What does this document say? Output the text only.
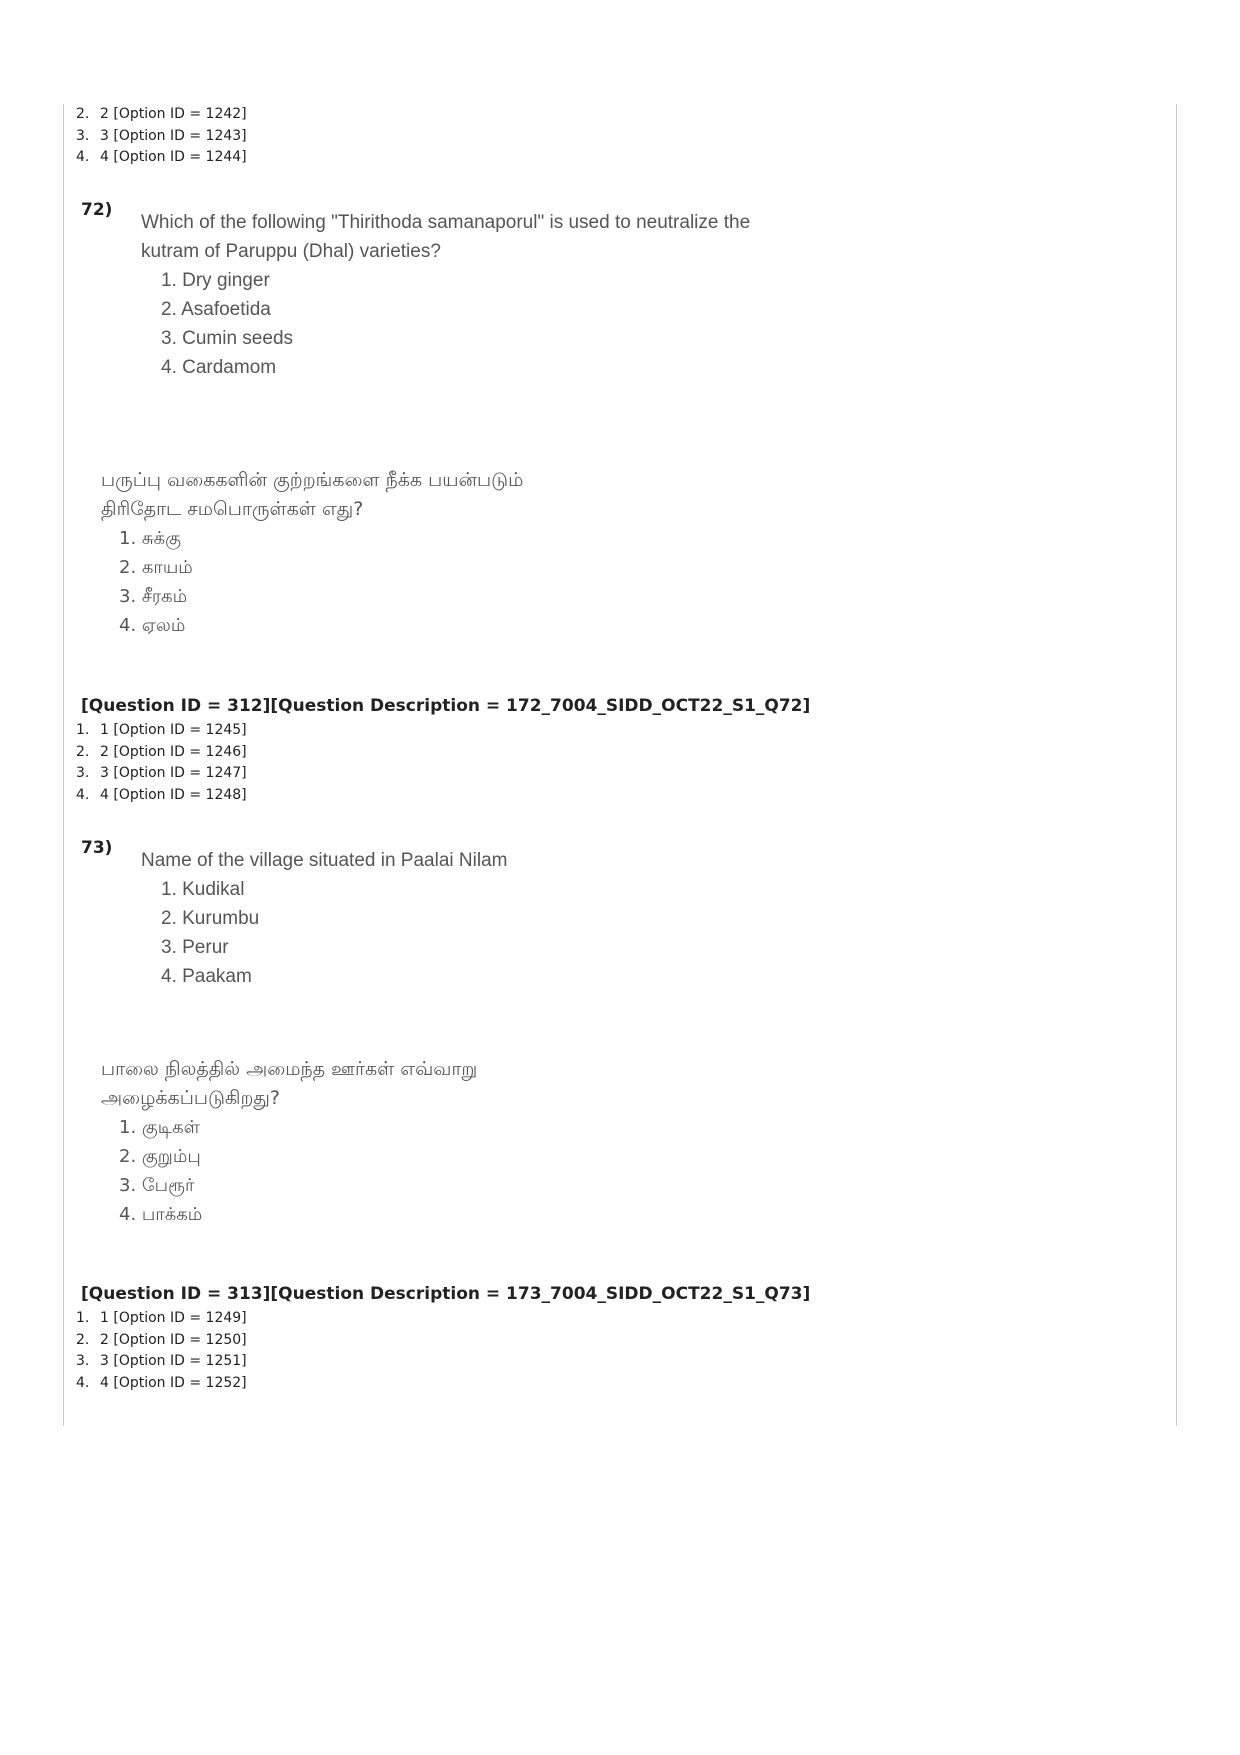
2. 2 [Option ID = 1242]
3. 3 [Option ID = 1243]
4. 4 [Option ID = 1244]
72)
Which of the following "Thirithoda samanaporul" is used to neutralize the
kutram of Paruppu (Dhal) varieties?
1. Dry ginger
2. Asafoetida
3. Cumin seeds
4. Cardamom
பருப்பு வகைகளின் குற்றங்களை நீக்க பயன்படும்
திரிதோட சமபொருள்கள் எது?
1. சுக்கு
2. காயம்
3. சீரகம்
4. ஏலம்
[Question ID = 312][Question Description = 172_7004_SIDD_OCT22_S1_Q72]
1. 1 [Option ID = 1245]
2. 2 [Option ID = 1246]
3. 3 [Option ID = 1247]
4. 4 [Option ID = 1248]
73)
Name of the village situated in Paalai Nilam
1. Kudikal
2. Kurumbu
3. Perur
4. Paakam
பாலை நிலத்தில் அமைந்த ஊர்கள் எவ்வாறு
அழைக்கப்படுகிறது?
1. குடிகள்
2. குறும்பு
3. பேரூர்
4. பாக்கம்
[Question ID = 313][Question Description = 173_7004_SIDD_OCT22_S1_Q73]
1. 1 [Option ID = 1249]
2. 2 [Option ID = 1250]
3. 3 [Option ID = 1251]
4. 4 [Option ID = 1252]
